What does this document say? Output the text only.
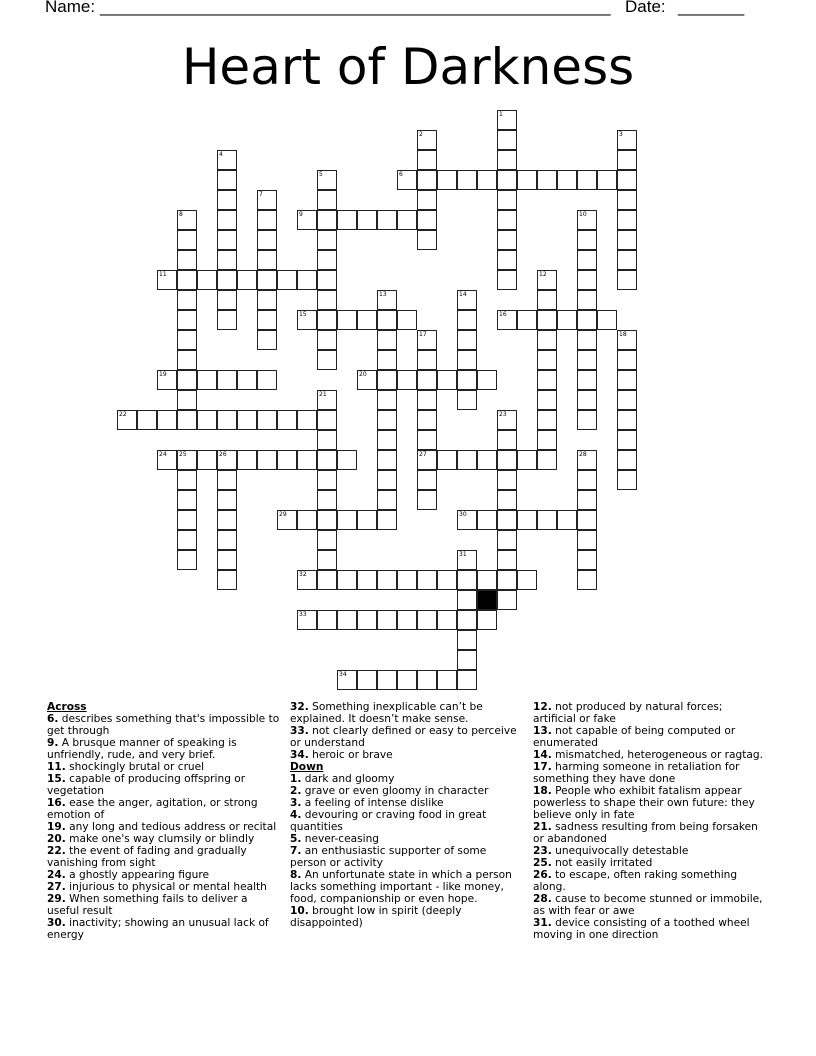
Name: ______________________________________________________ Date: _______
Heart of Darkness
1
2	3
4
5	6
7
8	9	10
11	12
13	14
15	16
17
27
18
19	20
21
22	23
24 25	26	28
29	30
31
32
33
34
Across
6. describes something that's impossible to get through
9. A brusque manner of speaking is unfriendly, rude, and very brief.
11. shockingly brutal or cruel
15. capable of producing offspring or vegetation
16. ease the anger, agitation, or strong emotion of
19. any long and tedious address or recital
20. make one's way clumsily or blindly
22. the event of fading and gradually vanishing from sight
24. a ghostly appearing figure
27. injurious to physical or mental health
29. When something fails to deliver a useful result
30. inactivity; showing an unusual lack of energy
32. Something inexplicable can’t be explained. It doesn’t make sense.
33. not clearly defined or easy to perceive or understand
34. heroic or brave
Down
1. dark and gloomy
2. grave or even gloomy in character
3. a feeling of intense dislike
4. devouring or craving food in great quantities
5. never-ceasing
7. an enthusiastic supporter of some person or activity
8. An unfortunate state in which a person lacks something important - like money, food, companionship or even hope.
10. brought low in spirit (deeply disappointed)
12. not produced by natural forces; artificial or fake
13. not capable of being computed or enumerated
14. mismatched, heterogeneous or ragtag.
17. harming someone in retaliation for something they have done
18. People who exhibit fatalism appear powerless to shape their own future: they believe only in fate
21. sadness resulting from being forsaken or abandoned
23. unequivocally detestable
25. not easily irritated
26. to escape, often raking something along.
28. cause to become stunned or immobile, as with fear or awe
31. device consisting of a toothed wheel moving in one direction
